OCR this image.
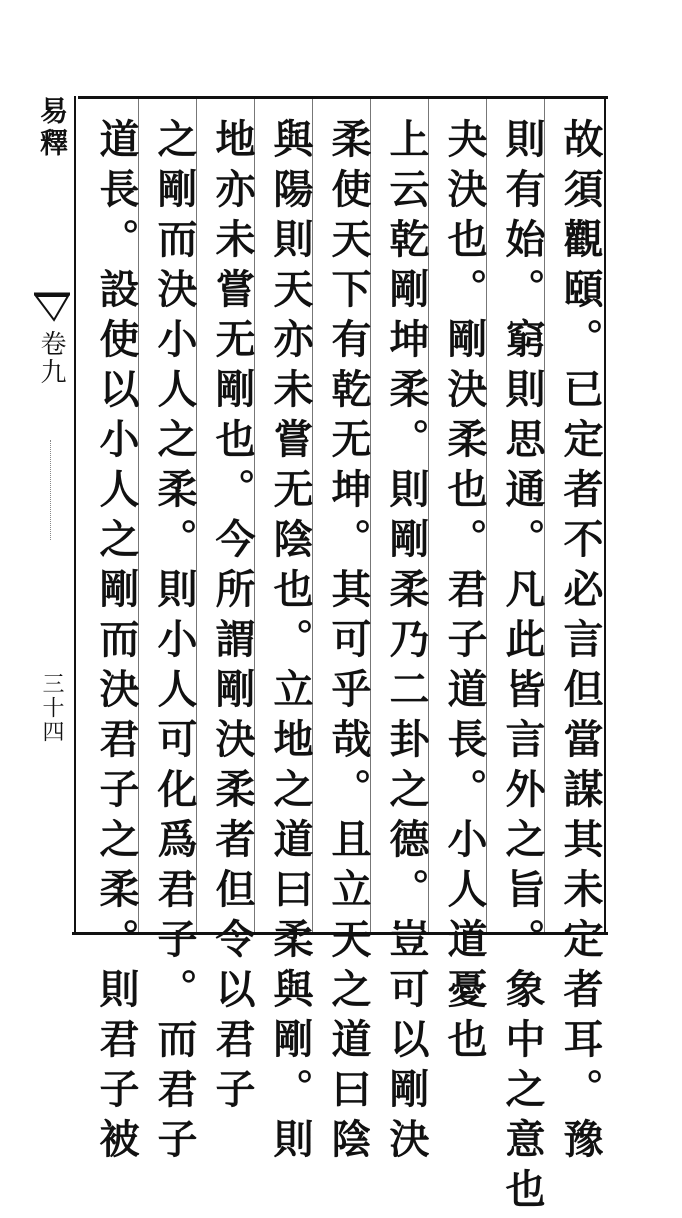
易釋
卷九
三十四	故須觀頤。已定者不必言但當謀其未定者耳。豫
則有始。窮則思通。凡此皆言外之旨。象中之意也
夬決也。剛決柔也。君子道長。小人道憂也
上云乾剛坤柔。則剛柔乃二卦之德。豈可以剛決
柔使天下有乾无坤。其可乎哉。且立天之道曰陰
與陽則天亦未嘗无陰也。立地之道曰柔與剛。則
地亦未嘗无剛也。今所謂剛決柔者但令以君子
之剛而決小人之柔。則小人可化爲君子。而君子
道長。設使以小人之剛而決君子之柔。則君子被
